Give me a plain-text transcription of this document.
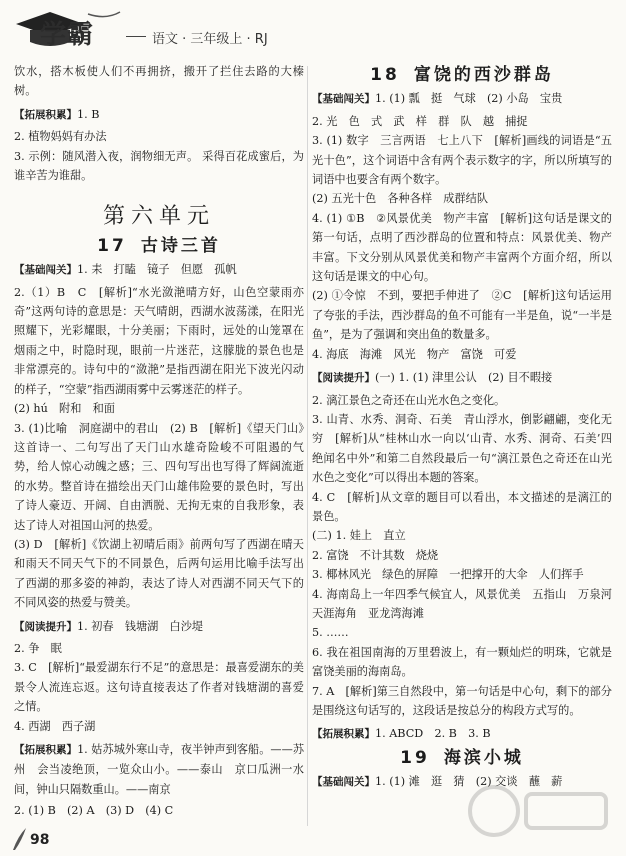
学霸	语文 · 三年级上 · RJ

饮水，搭木板使人们不再拥挤，搬开了拦住去路的大榛树。

【拓展积累】1. B

2. 植物妈妈有办法

3. 示例：随风潜入夜，润物细无声。 采得百花成蜜后，为谁辛苦为谁甜。

第六单元
17 古诗三首

【基础闯关】1. 耒　打瞌　镜子　但愿　孤帆

2.（1）B　C　[解析]“水光潋滟晴方好，山色空蒙雨亦奇”这两句诗的意思是：天气晴朗，西湖水波荡漾，在阳光照耀下，光彩耀眼，十分美丽；下雨时，远处的山笼罩在烟雨之中，时隐时现，眼前一片迷茫，这朦胧的景色也是非常漂亮的。诗句中的“潋滟”是指西湖在阳光下波光闪动的样子，“空蒙”指西湖雨雾中云雾迷茫的样子。

(2) hú　附和　和面

3. (1)比喻　洞庭湖中的君山　(2) B　[解析]《望天门山》这首诗一、二句写出了天门山水雄奇险峻不可阻遏的气势，给人惊心动魄之感；三、四句写出也写得了辉阔流逝的水势。整首诗在描绘出天门山雄伟险要的景色时，写出了诗人豪迈、开阔、自由洒脱、无拘无束的自我形象，表达了诗人对祖国山河的热爱。

(3) D　[解析]《饮湖上初晴后雨》前两句写了西湖在晴天和雨天不同天气下的不同景色，后两句运用比喻手法写出了西湖的那多姿的神韵，表达了诗人对西湖不同天气下的不同风姿的热爱与赞美。

【阅读提升】1. 初春　钱塘湖　白沙堤

2. 争　眠

3. C　[解析]“最爱湖东行不足”的意思是：最喜爱湖东的美景令人流连忘返。这句诗直接表达了作者对钱塘湖的喜爱之情。

4. 西湖　西子湖

【拓展积累】1. 姑苏城外寒山寺，夜半钟声到客船。——苏州　会当凌绝顶，一览众山小。——泰山　京口瓜洲一水间，钟山只隔数重山。——南京

2. (1) B　(2) A　(3) D　(4) C

18 富饶的西沙群岛

【基础闯关】1. (1) 瓢　挺　气球　(2) 小岛　宝贵

2. 光　色　式　武　样　群　队　越　捕捉

3. (1) 数字　三言两语　七上八下　[解析]画线的词语是“五光十色”，这个词语中含有两个表示数字的字，所以所填写的词语中也要含有两个数字。

(2) 五光十色　各种各样　成群结队

4. (1) ①B　②风景优美　物产丰富　[解析]这句话是课文的第一句话，点明了西沙群岛的位置和特点：风景优美、物产丰富。下文分别从风景优美和物产丰富两个方面介绍，所以这句话是课文的中心句。

(2) ①令惊　不到，要把手伸进了　②C　[解析]这句话运用了夸张的手法，西沙群岛的鱼不可能有一半是鱼，说“一半是鱼”，是为了强调和突出鱼的数量多。

4. 海底　海滩　风光　物产　富饶　可爱

【阅读提升】(一) 1. (1) 津里公认　(2) 目不暇接

2. 漓江景色之奇还在山光水色之变化。

3. 山青、水秀、洞奇、石美　青山浮水，倒影翩翩，变化无穷　[解析]从“桂林山水一向以‘山青、水秀、洞奇、石美’四绝闻名中外”和第二自然段最后一句“漓江景色之奇还在山光水色之变化”可以得出本题的答案。

4. C　[解析]从文章的题目可以看出，本文描述的是漓江的景色。

(二) 1. 娃上　直立

2. 富饶　不计其数　烧烧

3. 椰林风光　绿色的屏障　一把撑开的大伞　人们挥手

4. 海南岛上一年四季气候宜人，风景优美　五指山　万泉河　天涯海角　亚龙湾海滩

5. ……

6. 我在祖国南海的万里碧波上，有一颗灿烂的明珠，它就是富饶美丽的海南岛。

7. A　[解析]第三自然段中，第一句话是中心句，剩下的部分是围绕这句话写的，这段话是按总分的构段方式写的。

【拓展积累】1. ABCD　2. B　3. B

19 海滨小城

【基础闯关】1. (1) 滩　逛　猜　(2) 交谈　蘸　薪

98
